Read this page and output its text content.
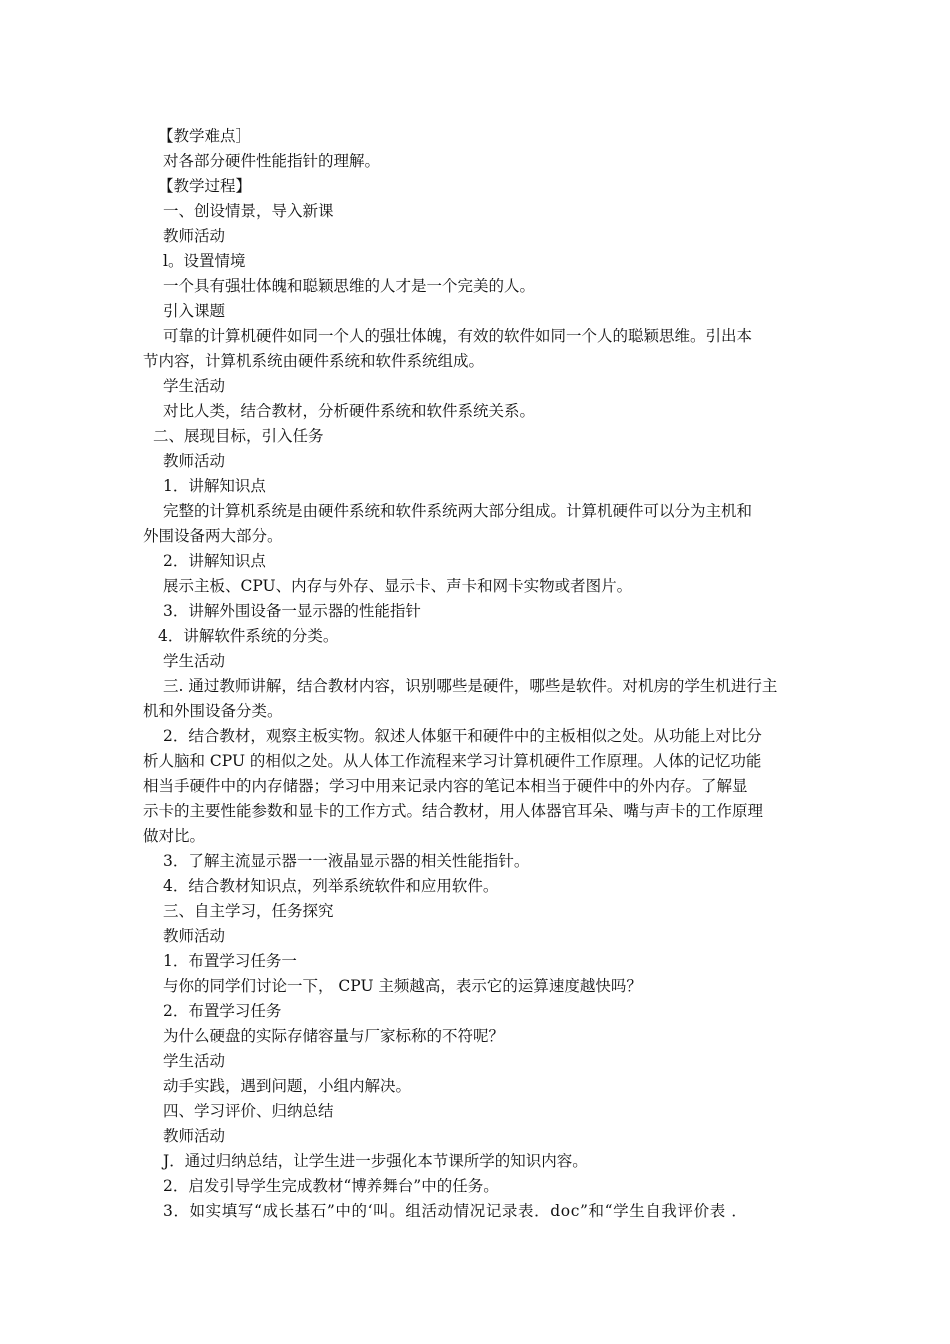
【教学难点］
对各部分硬件性能指针的理解。
【教学过程】
一、创设情景，导入新课
教师活动
l。设置情境
一个具有强壮体魄和聪颖思维的人才是一个完美的人。
引入课题
可靠的计算机硬件如同一个人的强壮体魄，有效的软件如同一个人的聪颖思维。引出本
节内容，计算机系统由硬件系统和软件系统组成。
学生活动
对比人类，结合教材，分析硬件系统和软件系统关系。
二、展现目标，引入任务
教师活动
1．讲解知识点
完整的计算机系统是由硬件系统和软件系统两大部分组成。计算机硬件可以分为主机和
外围设备两大部分。
2．讲解知识点
展示主板、CPU、内存与外存、显示卡、声卡和网卡实物或者图片。
3．讲解外围设备一显示器的性能指针
4．讲解软件系统的分类。
学生活动
三. 通过教师讲解，结合教材内容，识别哪些是硬件，哪些是软件。对机房的学生机进行主
机和外围设备分类。
2．结合教材，观察主板实物。叙述人体躯干和硬件中的主板相似之处。从功能上对比分
析人脑和 CPU 的相似之处。从人体工作流程来学习计算机硬件工作原理。人体的记忆功能
相当手硬件中的内存储器；学习中用来记录内容的笔记本相当于硬件中的外内存。了解显
示卡的主要性能参数和显卡的工作方式。结合教材，用人体器官耳朵、嘴与声卡的工作原理
做对比。
3．了解主流显示器一一液晶显示器的相关性能指针。
4．结合教材知识点，列举系统软件和应用软件。
三、自主学习，任务探究
教师活动
1．布置学习任务一
与你的同学们讨论一下， CPU 主频越高，表示它的运算速度越快吗？
2．布置学习任务
为什么硬盘的实际存储容量与厂家标称的不符呢？
学生活动
动手实践，遇到问题，小组内解决。
四、学习评价、归纳总结
教师活动
J．通过归纳总结，让学生进一步强化本节课所学的知识内容。
2．启发引导学生完成教材“博养舞台”中的任务。
3．如实填写“成长基石”中的‘叫。组活动情况记录表．doc”和“学生自我评价表 ．
